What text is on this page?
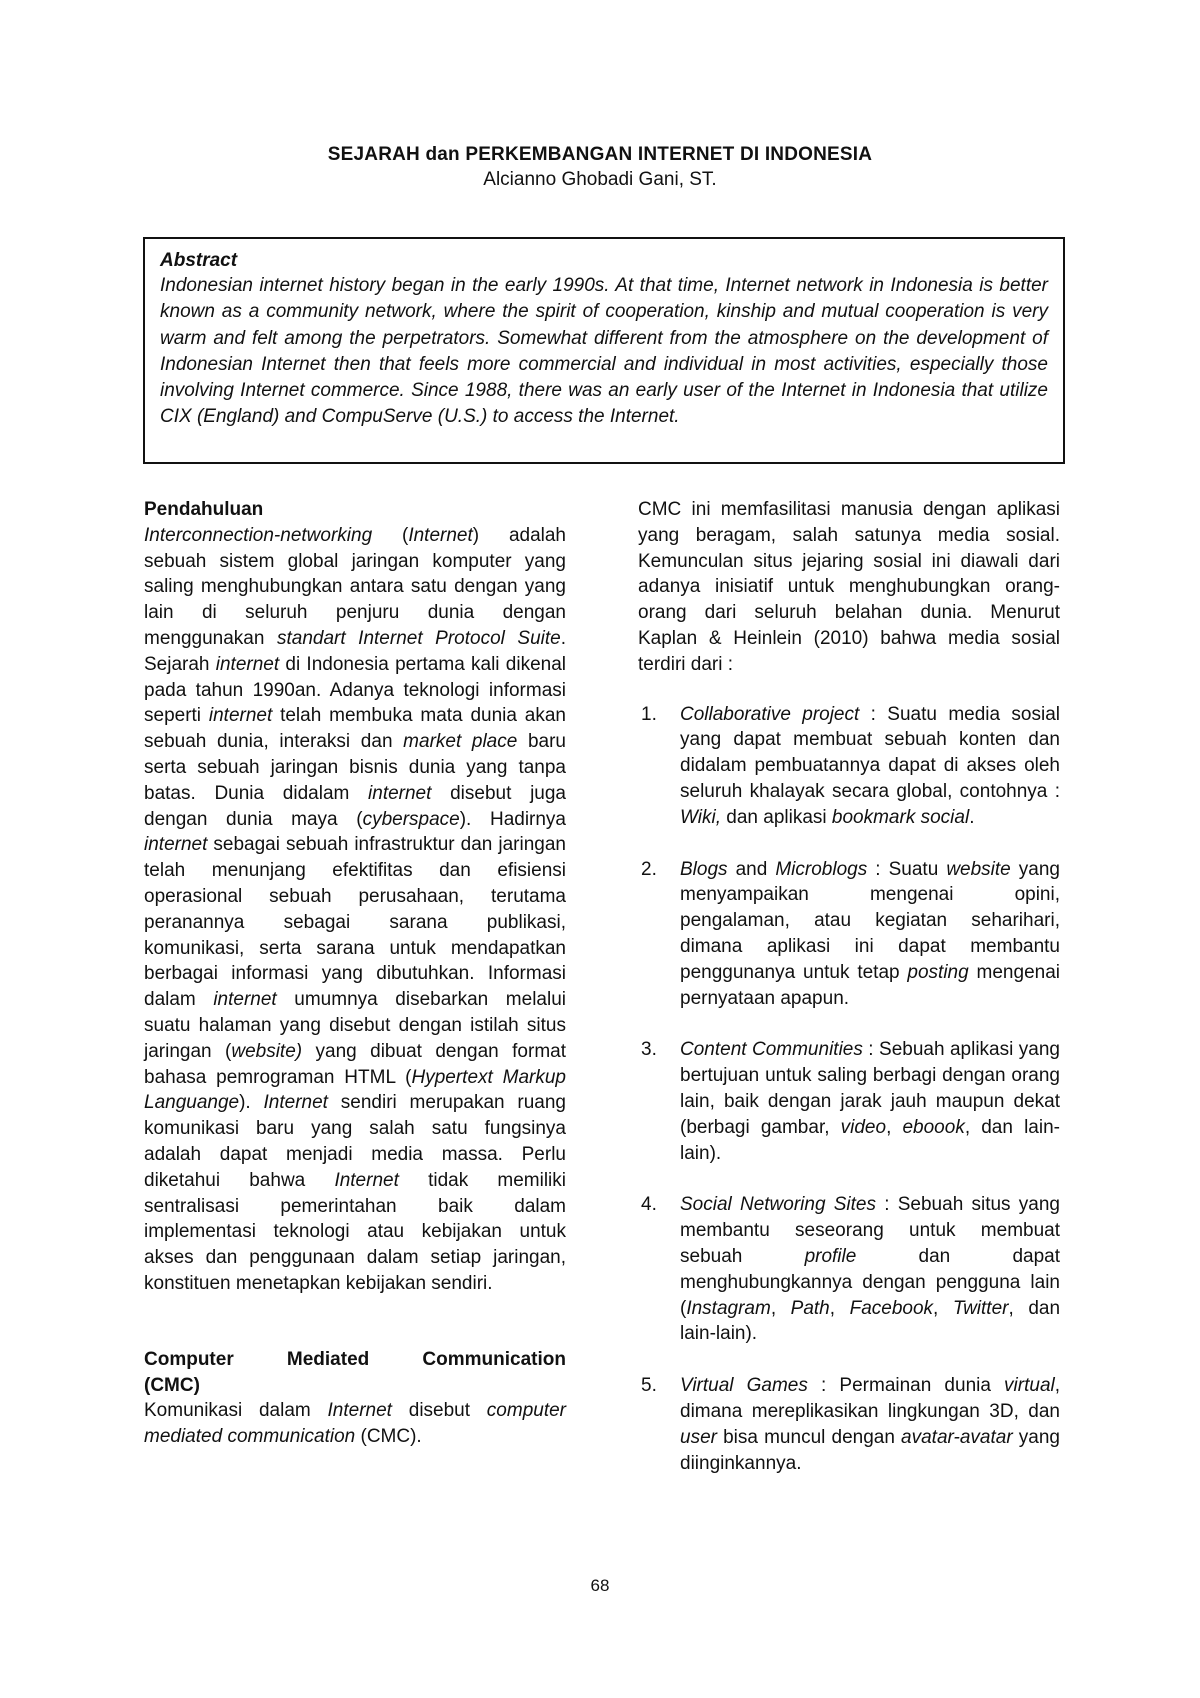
SEJARAH dan PERKEMBANGAN INTERNET DI INDONESIA
Alcianno Ghobadi Gani, ST.
Abstract

Indonesian internet history began in the early 1990s. At that time, Internet network in Indonesia is better known as a community network, where the spirit of cooperation, kinship and mutual cooperation is very warm and felt among the perpetrators. Somewhat different from the atmosphere on the development of Indonesian Internet then that feels more commercial and individual in most activities, especially those involving Internet commerce. Since 1988, there was an early user of the Internet in Indonesia that utilize CIX (England) and CompuServe (U.S.) to access the Internet.

Pendahuluan

Interconnection-networking (Internet) adalah sebuah sistem global jaringan komputer yang saling menghubungkan antara satu dengan yang lain di seluruh penjuru dunia dengan menggunakan standart Internet Protocol Suite. Sejarah internet di Indonesia pertama kali dikenal pada tahun 1990an. Adanya teknologi informasi seperti internet telah membuka mata dunia akan sebuah dunia, interaksi dan market place baru serta sebuah jaringan bisnis dunia yang tanpa batas. Dunia didalam internet disebut juga dengan dunia maya (cyberspace). Hadirnya internet sebagai sebuah infrastruktur dan jaringan telah menunjang efektifitas dan efisiensi operasional sebuah perusahaan, terutama peranannya sebagai sarana publikasi, komunikasi, serta sarana untuk mendapatkan berbagai informasi yang dibutuhkan. Informasi dalam internet umumnya disebarkan melalui suatu halaman yang disebut dengan istilah situs jaringan (website) yang dibuat dengan format bahasa pemrograman HTML (Hypertext Markup Languange). Internet sendiri merupakan ruang komunikasi baru yang salah satu fungsinya adalah dapat menjadi media massa. Perlu diketahui bahwa Internet tidak memiliki sentralisasi pemerintahan baik dalam implementasi teknologi atau kebijakan untuk akses dan penggunaan dalam setiap jaringan, konstituen menetapkan kebijakan sendiri.

Computer Mediated Communication
(CMC)

Komunikasi dalam Internet disebut computer mediated communication (CMC).

CMC ini memfasilitasi manusia dengan aplikasi yang beragam, salah satunya media sosial. Kemunculan situs jejaring sosial ini diawali dari adanya inisiatif untuk menghubungkan orang-orang dari seluruh belahan dunia. Menurut Kaplan & Heinlein (2010) bahwa media sosial terdiri dari :

1. Collaborative project : Suatu media sosial yang dapat membuat sebuah konten dan didalam pembuatannya dapat di akses oleh seluruh khalayak secara global, contohnya : Wiki, dan aplikasi bookmark social.

2. Blogs and Microblogs : Suatu website yang menyampaikan mengenai opini, pengalaman, atau kegiatan seharihari, dimana aplikasi ini dapat membantu penggunanya untuk tetap posting mengenai pernyataan apapun.

3. Content Communities : Sebuah aplikasi yang bertujuan untuk saling berbagi dengan orang lain, baik dengan jarak jauh maupun dekat (berbagi gambar, video, eboook, dan lain-lain).

4. Social Networing Sites : Sebuah situs yang membantu seseorang untuk membuat sebuah profile dan dapat menghubungkannya dengan pengguna lain (Instagram, Path, Facebook, Twitter, dan lain-lain).

5. Virtual Games : Permainan dunia virtual, dimana mereplikasikan lingkungan 3D, dan user bisa muncul dengan avatar-avatar yang diinginkannya.

68
